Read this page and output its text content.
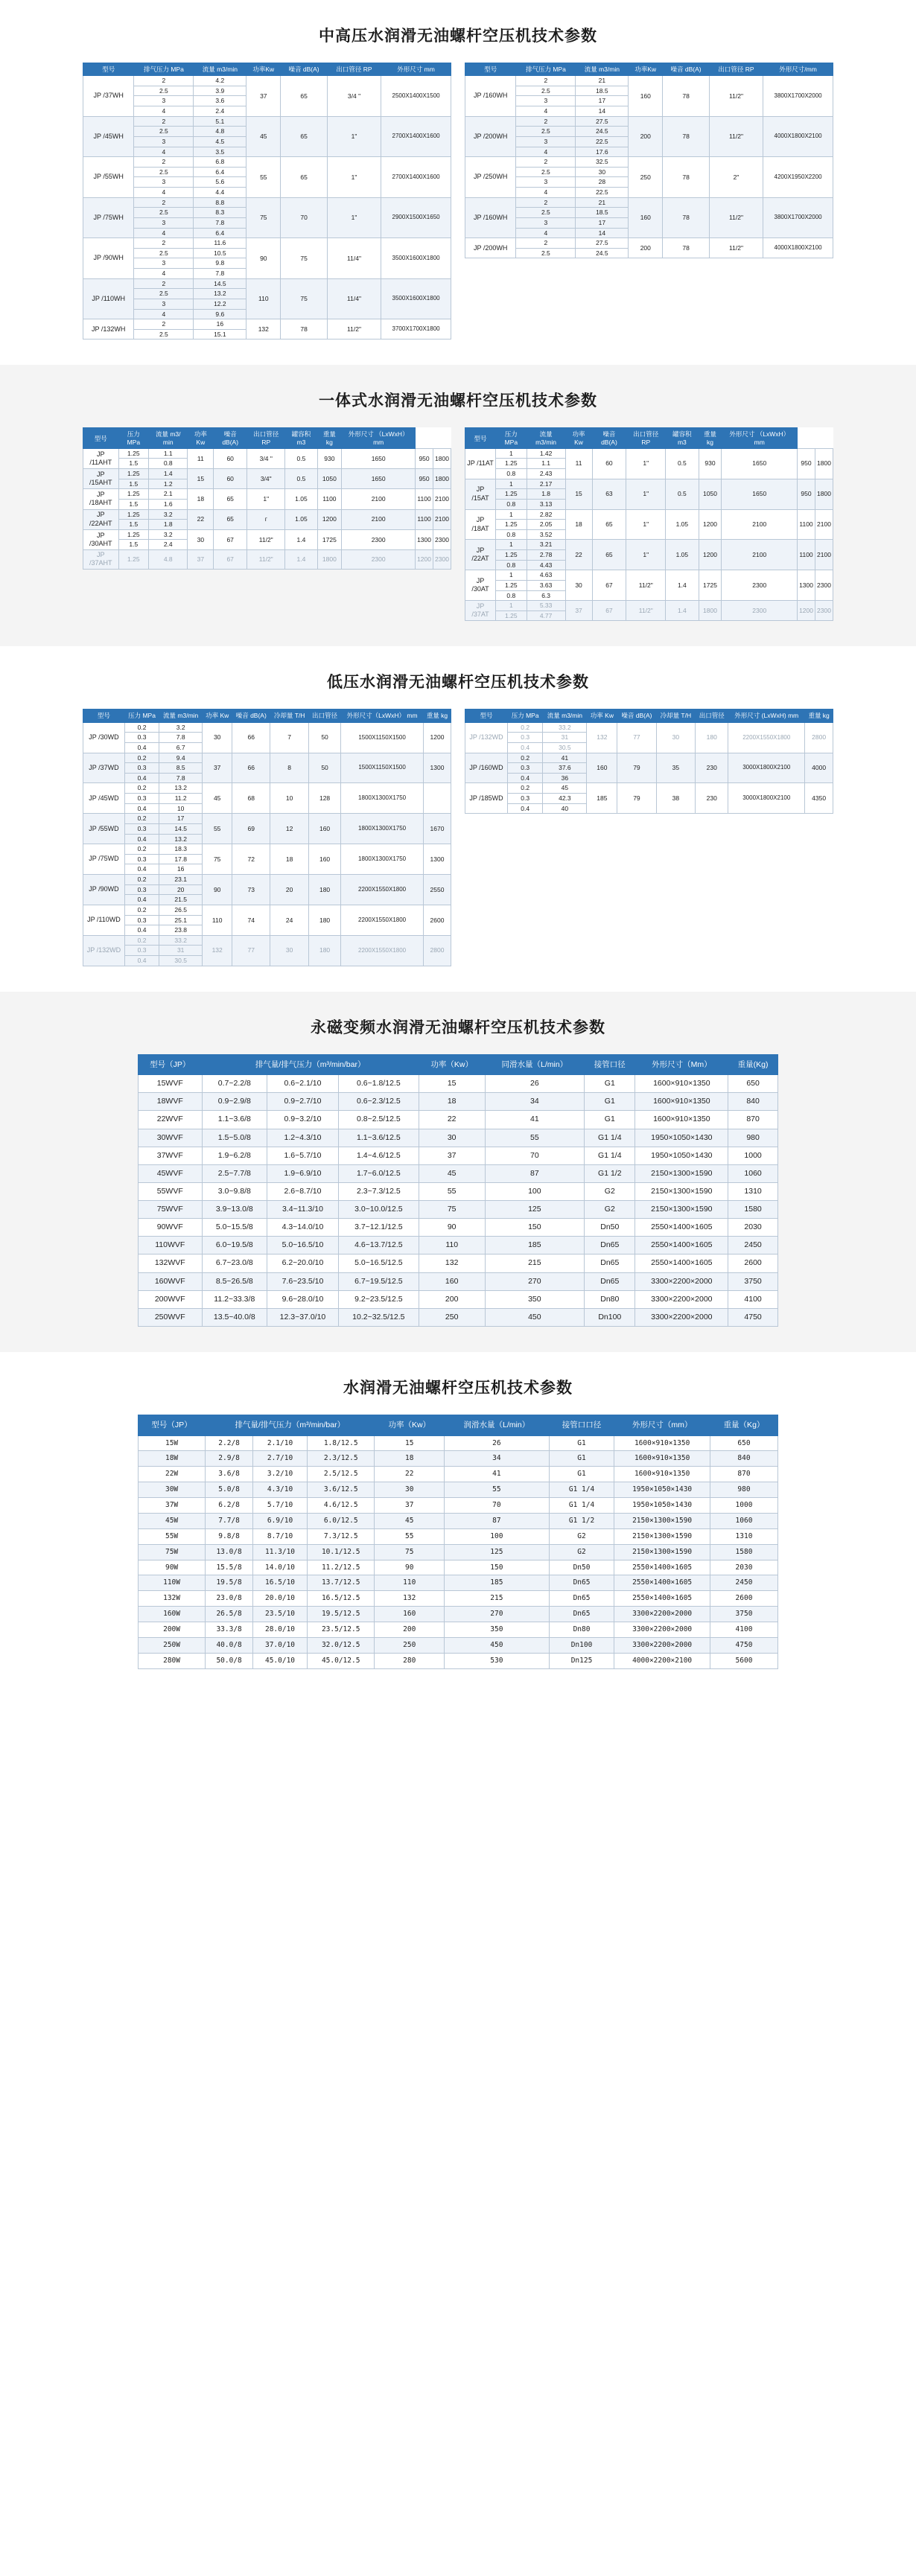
中高压水润滑无油螺杆空压机技术参数
型号	排气压力 MPa	流量 m3/min	功率Kw	噪音 dB(A)	出口管径 RP	外形尺寸 mm
JP /37WH	2	4.2	37	65	3/4 "	2500X1400X1500
	2.5	3.9				
	3	3.6				
	4	2.4				
JP /45WH	2	5.1	45	65	1"	2700X1400X1600
	2.5	4.8				
	3	4.5				
	4	3.5				
JP /55WH	2	6.8	55	65	1"	2700X1400X1600
	2.5	6.4				
	3	5.6				
	4	4.4				
JP /75WH	2	8.8	75	70	1"	2900X1500X1650
	2.5	8.3				
	3	7.8				
	4	6.4				
JP /90WH	2	11.6	90	75	11/4"	3500X1600X1800
	2.5	10.5				
	3	9.8				
	4	7.8				
JP /110WH	2	14.5	110	75	11/4"	3500X1600X1800
	2.5	13.2				
	3	12.2				
	4	9.6				
JP /132WH	2	16	132	78	11/2"	3700X1700X1800
	2.5	15.1				
型号	排气压力 MPa	流量 m3/min	功率Kw	噪音 dB(A)	出口管径 RP	外形尺寸/mm
JP /160WH	2	21	160	78	11/2"	3800X1700X2000
	2.5	18.5				
	3	17				
	4	14				
JP /200WH	2	27.5	200	78	11/2"	4000X1800X2100
	2.5	24.5				
	3	22.5				
	4	17.6				
JP /250WH	2	32.5	250	78	2"	4200X1950X2200
	2.5	30				
	3	28				
	4	22.5				
JP /160WH	2	21	160	78	11/2"	3800X1700X2000
	2.5	18.5				
	3	17				
	4	14				
JP /200WH	2	27.5	200	78	11/2"	4000X1800X2100
	2.5	24.5				
一体式水润滑无油螺杆空压机技术参数
型号	压力 MPa	流量 m3/ min	功率 Kw	噪音 dB(A)	出口管径 RP	罐容积 m3	重量 kg	外形尺寸 （LxWxH） mm		
JP /11AHT	1.25	1.1	11	60	3/4 "	0.5	930	1650	950	1800
	1.5	0.8								
JP /15AHT	1.25	1.4	15	60	3/4"	0.5	1050	1650	950	1800
	1.5	1.2								
JP /18AHT	1.25	2.1	18	65	1"	1.05	1100	2100	1100	2100
	1.5	1.6								
JP /22AHT	1.25	3.2	22	65	г	1.05	1200	2100	1100	2100
	1.5	1.8								
JP /30AHT	1.25	3.2	30	67	11/2"	1.4	1725	2300	1300	2300
	1.5	2.4								
JP /37AHT	1.25	4.8	37	67	11/2"	1.4	1800	2300	1200	2300
型号	压力 MPa	流量 m3/min	功率 Kw	噪音 dB(A)	出口管径 RP	罐容积 m3	重量kg	外形尺寸 （LxWxH） mm		
JP /11AT	1	1.42	11	60	1"	0.5	930	1650	950	1800
	1.25	1.1								
	0.8	2.43								
JP /15AT	1	2.17	15	63	1"	0.5	1050	1650	950	1800
	1.25	1.8								
	0.8	3.13								
JP /18AT	1	2.82	18	65	1"	1.05	1200	2100	1100	2100
	1.25	2.05								
	0.8	3.52								
JP /22AT	1	3.21	22	65	1"	1.05	1200	2100	1100	2100
	1.25	2.78								
	0.8	4.43								
JP /30AT	1	4.63	30	67	11/2"	1.4	1725	2300	1300	2300
	1.25	3.63								
	0.8	6.3								
JP /37AT	1	5.33	37	67	11/2"	1.4	1800	2300	1200	2300
	1.25	4.77								
低压水润滑无油螺杆空压机技术参数
型号	压力 MPa	流量 m3/min	功率 Kw	噪音 dB(A)	冷却量 T/H	出口管径	外形尺寸（LxWxH） mm	重量 kg
JP /30WD	0.2	3.2	30	66	7	50	1500X1150X1500	1200
	0.3	7.8						
	0.4	6.7						
JP /37WD	0.2	9.4	37	66	8	50	1500X1150X1500	1300
	0.3	8.5						
	0.4	7.8						
JP /45WD	0.2	13.2	45	68	10	128	1800X1300X1750	
	0.3	11.2						
	0.4	10						
JP /55WD	0.2	17	55	69	12	160	1800X1300X1750	1670
	0.3	14.5						
	0.4	13.2						
JP /75WD	0.2	18.3	75	72	18	160	1800X1300X1750	1300
	0.3	17.8						
	0.4	16						
JP /90WD	0.2	23.1	90	73	20	180	2200X1550X1800	2550
	0.3	20						
	0.4	21.5						
JP /110WD	0.2	26.5	110	74	24	180	2200X1550X1800	2600
	0.3	25.1						
	0.4	23.8						
JP /132WD	0.2	33.2	132	77	30	180	2200X1550X1800	2800
	0.3	31						
	0.4	30.5						
型号	压力 MPa	流量 m3/min	功率 Kw	噪音 dB(A)	冷却量 T/H	出口管径	外形尺寸 (LxWxH) mm	重量 kg
JP /132WD	0.2	33.2	132	77	30	180	2200X1550X1800	2800
	0.3	31						
	0.4	30.5						
JP /160WD	0.2	41	160	79	35	230	3000X1800X2100	4000
	0.3	37.6						
	0.4	36						
JP /185WD	0.2	45	185	79	38	230	3000X1800X2100	4350
	0.3	42.3						
	0.4	40						
永磁变频水润滑无油螺杆空压机技术参数
型号（JP）	排气量/排气压力（m³/min/bar）			功率（Kw）	同滑水量（L/min）	接管口径	外形尺寸（Mm）	重量(Kg)
15WVF	0.7~2.2/8	0.6~2.1/10	0.6~1.8/12.5	15	26	G1	1600×910×1350	650
18WVF	0.9~2.9/8	0.9~2.7/10	0.6~2.3/12.5	18	34	G1	1600×910×1350	840
22WVF	1.1~3.6/8	0.9~3.2/10	0.8~2.5/12.5	22	41	G1	1600×910×1350	870
30WVF	1.5~5.0/8	1.2~4.3/10	1.1~3.6/12.5	30	55	G1 1/4	1950×1050×1430	980
37WVF	1.9~6.2/8	1.6~5.7/10	1.4~4.6/12.5	37	70	G1 1/4	1950×1050×1430	1000
45WVF	2.5~7.7/8	1.9~6.9/10	1.7~6.0/12.5	45	87	G1 1/2	2150×1300×1590	1060
55WVF	3.0~9.8/8	2.6~8.7/10	2.3~7.3/12.5	55	100	G2	2150×1300×1590	1310
75WVF	3.9~13.0/8	3.4~11.3/10	3.0~10.0/12.5	75	125	G2	2150×1300×1590	1580
90WVF	5.0~15.5/8	4.3~14.0/10	3.7~12.1/12.5	90	150	Dn50	2550×1400×1605	2030
110WVF	6.0~19.5/8	5.0~16.5/10	4.6~13.7/12.5	110	185	Dn65	2550×1400×1605	2450
132WVF	6.7~23.0/8	6.2~20.0/10	5.0~16.5/12.5	132	215	Dn65	2550×1400×1605	2600
160WVF	8.5~26.5/8	7.6~23.5/10	6.7~19.5/12.5	160	270	Dn65	3300×2200×2000	3750
200WVF	11.2~33.3/8	9.6~28.0/10	9.2~23.5/12.5	200	350	Dn80	3300×2200×2000	4100
250WVF	13.5~40.0/8	12.3~37.0/10	10.2~32.5/12.5	250	450	Dn100	3300×2200×2000	4750
水润滑无油螺杆空压机技术参数
型号（JP）	排气量/排气压力（m³/min/bar）			功率（Kw）	润滑水量（L/min）	接管口口径	外形尺寸（mm）	重量（Kg）
15W	2.2/8	2.1/10	1.8/12.5	15	26	G1	1600×910×1350	650
18W	2.9/8	2.7/10	2.3/12.5	18	34	G1	1600×910×1350	840
22W	3.6/8	3.2/10	2.5/12.5	22	41	G1	1600×910×1350	870
30W	5.0/8	4.3/10	3.6/12.5	30	55	G1 1/4	1950×1050×1430	980
37W	6.2/8	5.7/10	4.6/12.5	37	70	G1 1/4	1950×1050×1430	1000
45W	7.7/8	6.9/10	6.0/12.5	45	87	G1 1/2	2150×1300×1590	1060
55W	9.8/8	8.7/10	7.3/12.5	55	100	G2	2150×1300×1590	1310
75W	13.0/8	11.3/10	10.1/12.5	75	125	G2	2150×1300×1590	1580
90W	15.5/8	14.0/10	11.2/12.5	90	150	Dn50	2550×1400×1605	2030
110W	19.5/8	16.5/10	13.7/12.5	110	185	Dn65	2550×1400×1605	2450
132W	23.0/8	20.0/10	16.5/12.5	132	215	Dn65	2550×1400×1605	2600
160W	26.5/8	23.5/10	19.5/12.5	160	270	Dn65	3300×2200×2000	3750
200W	33.3/8	28.0/10	23.5/12.5	200	350	Dn80	3300×2200×2000	4100
250W	40.0/8	37.0/10	32.0/12.5	250	450	Dn100	3300×2200×2000	4750
280W	50.0/8	45.0/10	45.0/12.5	280	530	Dn125	4000×2200×2100	5600
